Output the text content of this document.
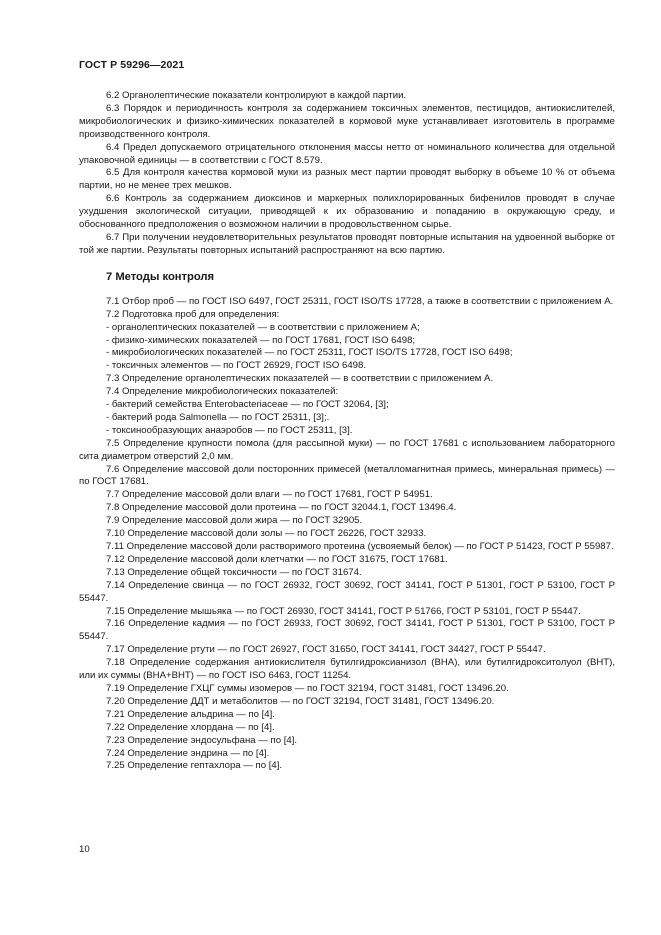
ГОСТ Р 59296—2021

6.2 Органолептические показатели контролируют в каждой партии.

6.3 Порядок и периодичность контроля за содержанием токсичных элементов, пестицидов, антиокислителей, микробиологических и физико-химических показателей в кормовой муке устанавливает изготовитель в программе производственного контроля.

6.4 Предел допускаемого отрицательного отклонения массы нетто от номинального количества для отдельной упаковочной единицы — в соответствии с ГОСТ 8.579.

6.5 Для контроля качества кормовой муки из разных мест партии проводят выборку в объеме 10 % от объема партии, но не менее трех мешков.

6.6 Контроль за содержанием диоксинов и маркерных полихлорированных бифенилов проводят в случае ухудшения экологической ситуации, приводящей к их образованию и попаданию в окружающую среду, и обоснованного предположения о возможном наличии в продовольственном сырье.

6.7 При получении неудовлетворительных результатов проводят повторные испытания на удвоенной выборке от той же партии. Результаты повторных испытаний распространяют на всю партию.

7 Методы контроля

7.1 Отбор проб — по ГОСТ ISO 6497, ГОСТ 25311, ГОСТ ISO/TS 17728, а также в соответствии с приложением А.

7.2 Подготовка проб для определения:

- органолептических показателей — в соответствии с приложением А;

- физико-химических показателей — по ГОСТ 17681, ГОСТ ISO 6498;

- микробиологических показателей — по ГОСТ 25311, ГОСТ ISO/TS 17728, ГОСТ ISO 6498;

- токсичных элементов — по ГОСТ 26929, ГОСТ ISO 6498.

7.3 Определение органолептических показателей — в соответствии с приложением А.

7.4 Определение микробиологических показателей:

- бактерий семейства Enterobacteriaceae — по ГОСТ 32064, [3];

- бактерий рода Salmonella — по ГОСТ 25311, [3];.

- токсинообразующих анаэробов — по ГОСТ 25311, [3].

7.5 Определение крупности помола (для рассыпной муки) — по ГОСТ 17681 с использованием лабораторного сита диаметром отверстий 2,0 мм.

7.6 Определение массовой доли посторонних примесей (металломагнитная примесь, минеральная примесь) — по ГОСТ 17681.

7.7 Определение массовой доли влаги — по ГОСТ 17681, ГОСТ Р 54951.

7.8 Определение массовой доли протеина — по ГОСТ 32044.1, ГОСТ 13496.4.

7.9 Определение массовой доли жира — по ГОСТ 32905.

7.10 Определение массовой доли золы — по ГОСТ 26226, ГОСТ 32933.

7.11 Определение массовой доли растворимого протеина (усвояемый белок) — по ГОСТ Р 51423, ГОСТ Р 55987.

7.12 Определение массовой доли клетчатки — по ГОСТ 31675, ГОСТ 17681.

7.13 Определение общей токсичности — по ГОСТ 31674.

7.14 Определение свинца — по ГОСТ 26932, ГОСТ 30692, ГОСТ 34141, ГОСТ Р 51301, ГОСТ Р 53100, ГОСТ Р 55447.

7.15 Определение мышьяка — по ГОСТ 26930, ГОСТ 34141, ГОСТ Р 51766, ГОСТ Р 53101, ГОСТ Р 55447.

7.16 Определение кадмия — по ГОСТ 26933, ГОСТ 30692, ГОСТ 34141, ГОСТ Р 51301, ГОСТ Р 53100, ГОСТ Р 55447.

7.17 Определение ртути — по ГОСТ 26927, ГОСТ 31650, ГОСТ 34141, ГОСТ 34427, ГОСТ Р 55447.

7.18 Определение содержания антиокислителя бутилгидроксианизол (ВНА), или бутилгидрокситолуол (ВНТ), или их суммы (ВНА+ВНТ) — по ГОСТ ISO 6463, ГОСТ 11254.

7.19 Определение ГХЦГ суммы изомеров — по ГОСТ 32194, ГОСТ 31481, ГОСТ 13496.20.

7.20 Определение ДДТ и метаболитов — по ГОСТ 32194, ГОСТ 31481, ГОСТ 13496.20.

7.21 Определение альдрина — по [4].

7.22 Определение хлордана — по [4].

7.23 Определение эндосульфана — по [4].

7.24 Определение эндрина — по [4].

7.25 Определение гептахлора — по [4].

10
